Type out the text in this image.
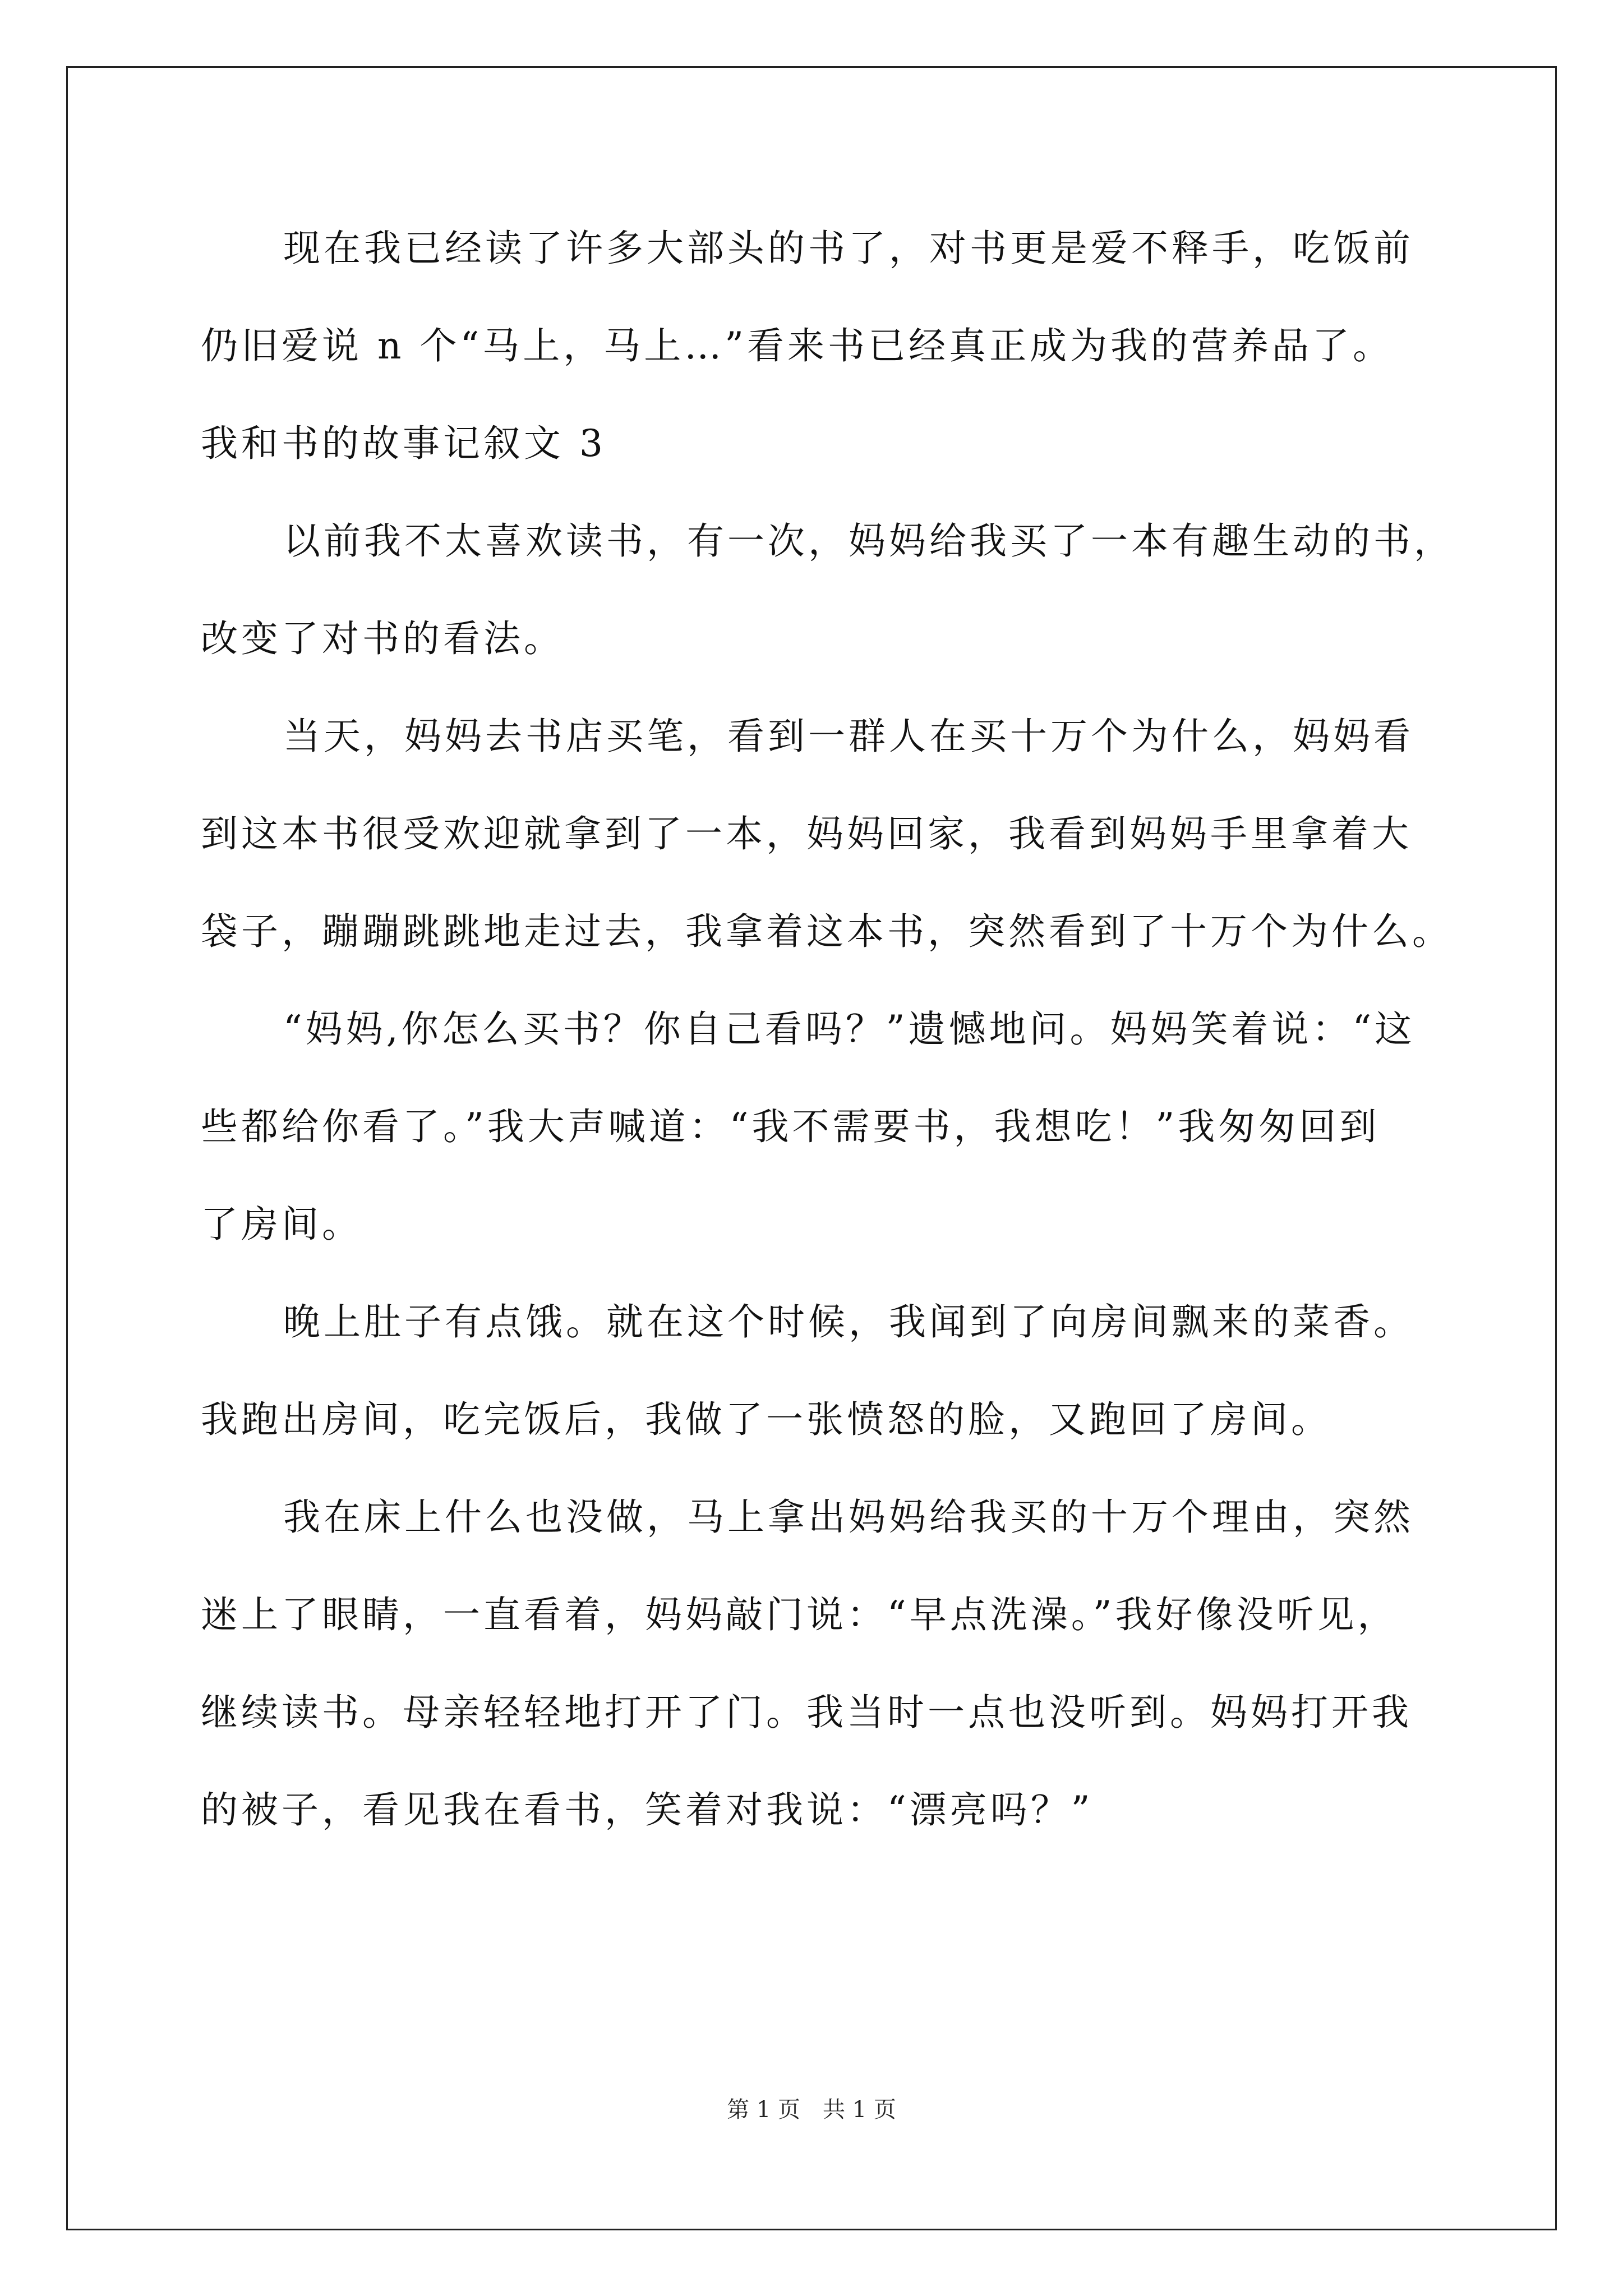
现在我已经读了许多大部头的书了，对书更是爱不释手，吃饭前
仍旧爱说 n 个“马上，马上…”看来书已经真正成为我的营养品了。
我和书的故事记叙文 3
以前我不太喜欢读书，有一次，妈妈给我买了一本有趣生动的书，
改变了对书的看法。
当天，妈妈去书店买笔，看到一群人在买十万个为什么，妈妈看
到这本书很受欢迎就拿到了一本，妈妈回家，我看到妈妈手里拿着大
袋子，蹦蹦跳跳地走过去，我拿着这本书，突然看到了十万个为什么。
“妈妈,你怎么买书？你自己看吗？”遗憾地问。妈妈笑着说：“这
些都给你看了。”我大声喊道：“我不需要书，我想吃！”我匆匆回到
了房间。
晚上肚子有点饿。就在这个时候，我闻到了向房间飘来的菜香。
我跑出房间，吃完饭后，我做了一张愤怒的脸，又跑回了房间。
我在床上什么也没做，马上拿出妈妈给我买的十万个理由，突然
迷上了眼睛，一直看着，妈妈敲门说：“早点洗澡。”我好像没听见，
继续读书。母亲轻轻地打开了门。我当时一点也没听到。妈妈打开我
的被子，看见我在看书，笑着对我说：“漂亮吗？”
第 1 页　共 1 页
